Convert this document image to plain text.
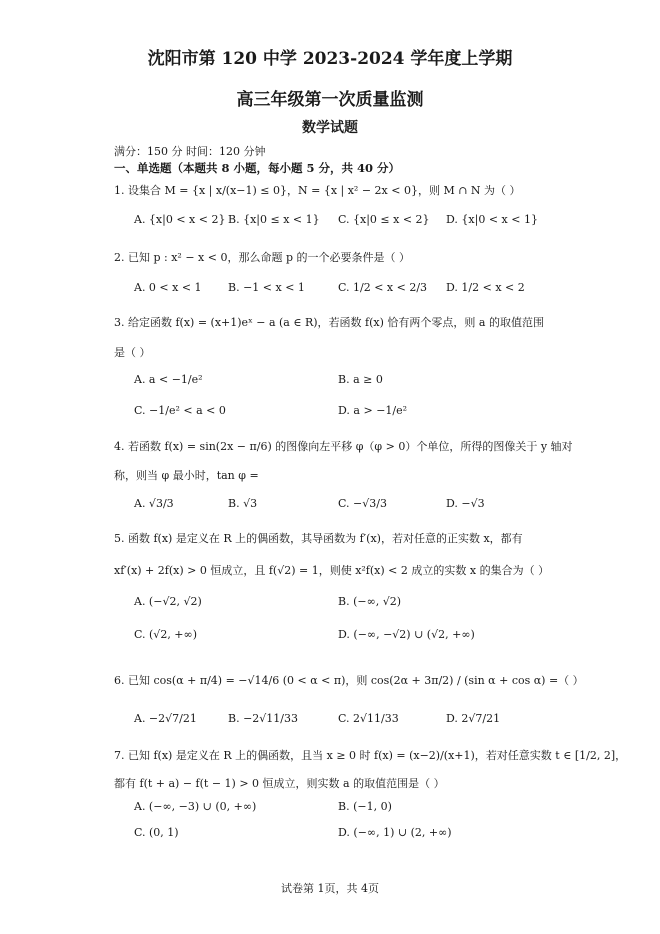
沈阳市第 120 中学 2023-2024 学年度上学期
高三年级第一次质量监测
数学试题
满分：150 分 时间：120 分钟
一、单选题（本题共 8 小题，每小题 5 分，共 40 分）
1. 设集合 M = {x | x/(x−1) ≤ 0}，N = {x | x² − 2x < 0}，则 M ∩ N 为（ ）
A. {x|0 < x < 2} B. {x|0 ≤ x < 1} C. {x|0 ≤ x < 2} D. {x|0 < x < 1}
2. 已知 p : x² − x < 0，那么命题 p 的一个必要条件是（ ）
A. 0 < x < 1 B. −1 < x < 1	C. 1/2 < x < 2/3 D. 1/2 < x < 2
3. 给定函数 f(x) = (x+1)eˣ − a (a ∈ R)，若函数 f(x) 恰有两个零点，则 a 的取值范围
是（ ）
A. a < −1/e²	B. a ≥ 0
C. −1/e² < a < 0	D. a > −1/e²
4. 若函数 f(x) = sin(2x − π/6) 的图像向左平移 φ（φ > 0）个单位，所得的图像关于 y 轴对
称，则当 φ 最小时，tan φ =
A. √3/3	B. √3	C. −√3/3	D. −√3
5. 函数 f(x) 是定义在 R 上的偶函数，其导函数为 f′(x)，若对任意的正实数 x，都有
xf′(x) + 2f(x) > 0 恒成立，且 f(√2) = 1，则使 x²f(x) < 2 成立的实数 x 的集合为（ ）
A. (−√2, √2)	B. (−∞, √2)
C. (√2, +∞)	D. (−∞, −√2) ∪ (√2, +∞)
6. 已知 cos(α + π/4) = −√14/6 (0 < α < π)，则 cos(2α + 3π/2) / (sin α + cos α) =（ ）
A. −2√7/21	B. −2√11/33	C. 2√11/33	D. 2√7/21
7. 已知 f(x) 是定义在 R 上的偶函数，且当 x ≥ 0 时 f(x) = (x−2)/(x+1)，若对任意实数 t ∈ [1/2, 2]，
都有 f(t + a) − f(t − 1) > 0 恒成立，则实数 a 的取值范围是（ ）
A. (−∞, −3) ∪ (0, +∞)	B. (−1, 0)
C. (0, 1)	D. (−∞, 1) ∪ (2, +∞)
试卷第 1页，共 4页
